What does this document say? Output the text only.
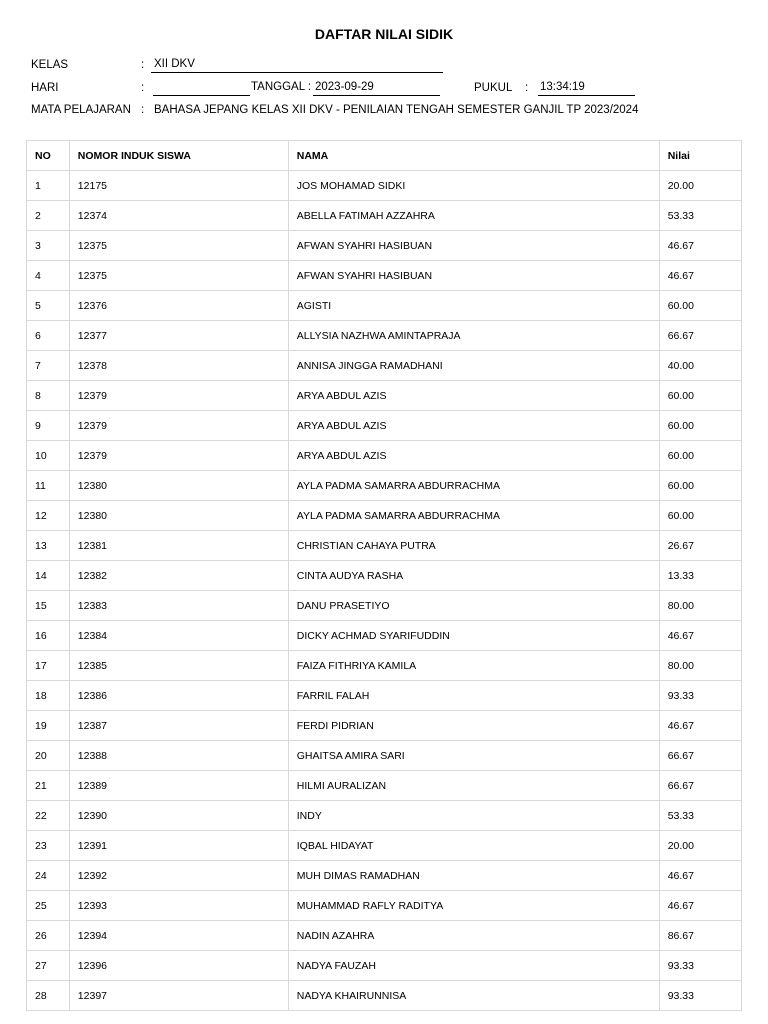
DAFTAR NILAI SIDIK
KELAS	: XII DKV
HARI	:	TANGGAL : 2023-09-29	PUKUL : 13:34:19
MATA PELAJARAN : BAHASA JEPANG KELAS XII DKV - PENILAIAN TENGAH SEMESTER GANJIL TP 2023/2024
NO	NOMOR INDUK SISWA	NAMA	Nilai
1	12175	JOS MOHAMAD SIDKI	20.00
2	12374	ABELLA FATIMAH AZZAHRA	53.33
3	12375	AFWAN SYAHRI HASIBUAN	46.67
4	12375	AFWAN SYAHRI HASIBUAN	46.67
5	12376	AGISTI	60.00
6	12377	ALLYSIA NAZHWA AMINTAPRAJA	66.67
7	12378	ANNISA JINGGA RAMADHANI	40.00
8	12379	ARYA ABDUL AZIS	60.00
9	12379	ARYA ABDUL AZIS	60.00
10	12379	ARYA ABDUL AZIS	60.00
11	12380	AYLA PADMA SAMARRA ABDURRACHMA	60.00
12	12380	AYLA PADMA SAMARRA ABDURRACHMA	60.00
13	12381	CHRISTIAN CAHAYA PUTRA	26.67
14	12382	CINTA AUDYA RASHA	13.33
15	12383	DANU PRASETIYO	80.00
16	12384	DICKY ACHMAD SYARIFUDDIN	46.67
17	12385	FAIZA FITHRIYA KAMILA	80.00
18	12386	FARRIL FALAH	93.33
19	12387	FERDI PIDRIAN	46.67
20	12388	GHAITSA AMIRA SARI	66.67
21	12389	HILMI AURALIZAN	66.67
22	12390	INDY	53.33
23	12391	IQBAL HIDAYAT	20.00
24	12392	MUH DIMAS RAMADHAN	46.67
25	12393	MUHAMMAD RAFLY RADITYA	46.67
26	12394	NADIN AZAHRA	86.67
27	12396	NADYA FAUZAH	93.33
28	12397	NADYA KHAIRUNNISA	93.33
